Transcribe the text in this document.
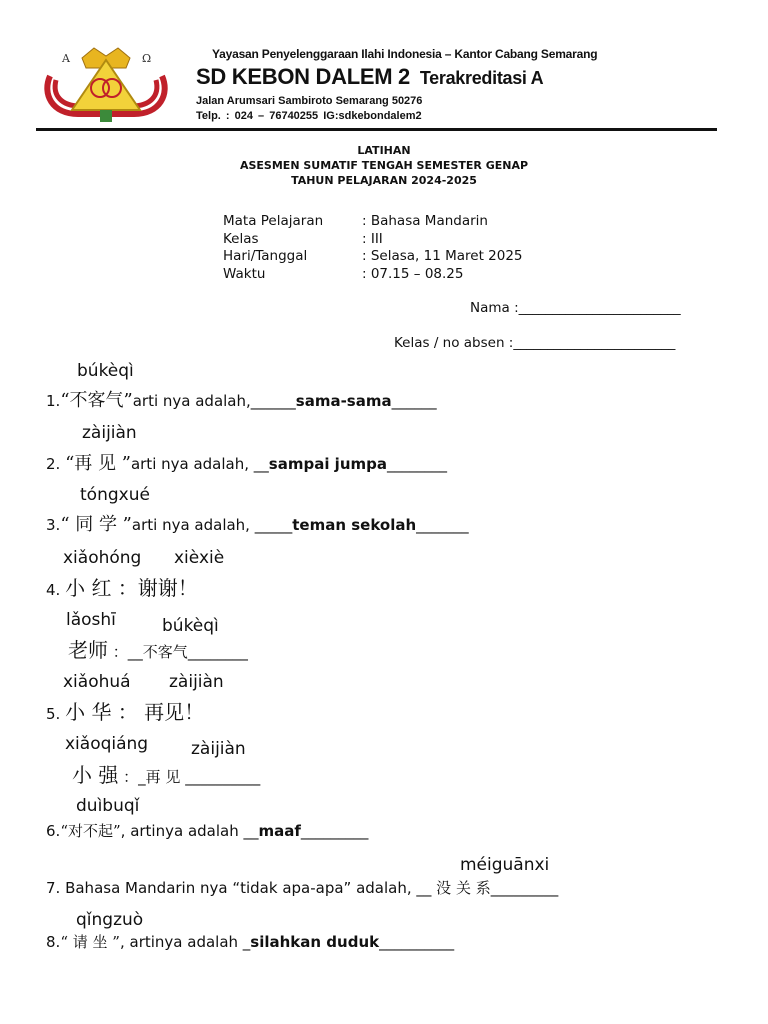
A	Ω	Yayasan Penyelenggaraan Ilahi Indonesia – Kantor Cabang Semarang
SD KEBON DALEM 2 Terakreditasi A
Jalan Arumsari Sambiroto Semarang 50276
Telp. : 024 – 76740255 IG:sdkebondalem2
LATIHAN
ASESMEN SUMATIF TENGAH SEMESTER GENAP
TAHUN PELAJARAN 2024-2025
Mata Pelajaran	: Bahasa Mandarin
Kelas	: III
Hari/Tanggal	: Selasa, 11 Maret 2025
Waktu	: 07.15 – 08.25
Nama :________________________
Kelas / no absen :________________________
búkèqì
1.“不客气”arti nya adalah,______sama-sama______
zàijiàn
2. “再 见 ”arti nya adalah, __sampai jumpa________
tóngxué
3.“ 同 学 ”arti nya adalah, _____teman sekolah_______
xiǎohóng xièxiè
4. 小 红 ：谢谢！
lǎoshī	búkèqì
老师 ：__不客气________
xiǎohuá zàijiàn
5. 小 华 ： 再见！
xiǎoqiáng	zàijiàn
小 强 ：_再 见 __________
duìbuqǐ
6.“对不起”, artinya adalah __maaf_________
méiguānxi
7. Bahasa Mandarin nya “tidak apa-apa” adalah, __ 没 关 系_________
qǐngzuò
8.“ 请 坐 ”, artinya adalah _silahkan duduk__________
